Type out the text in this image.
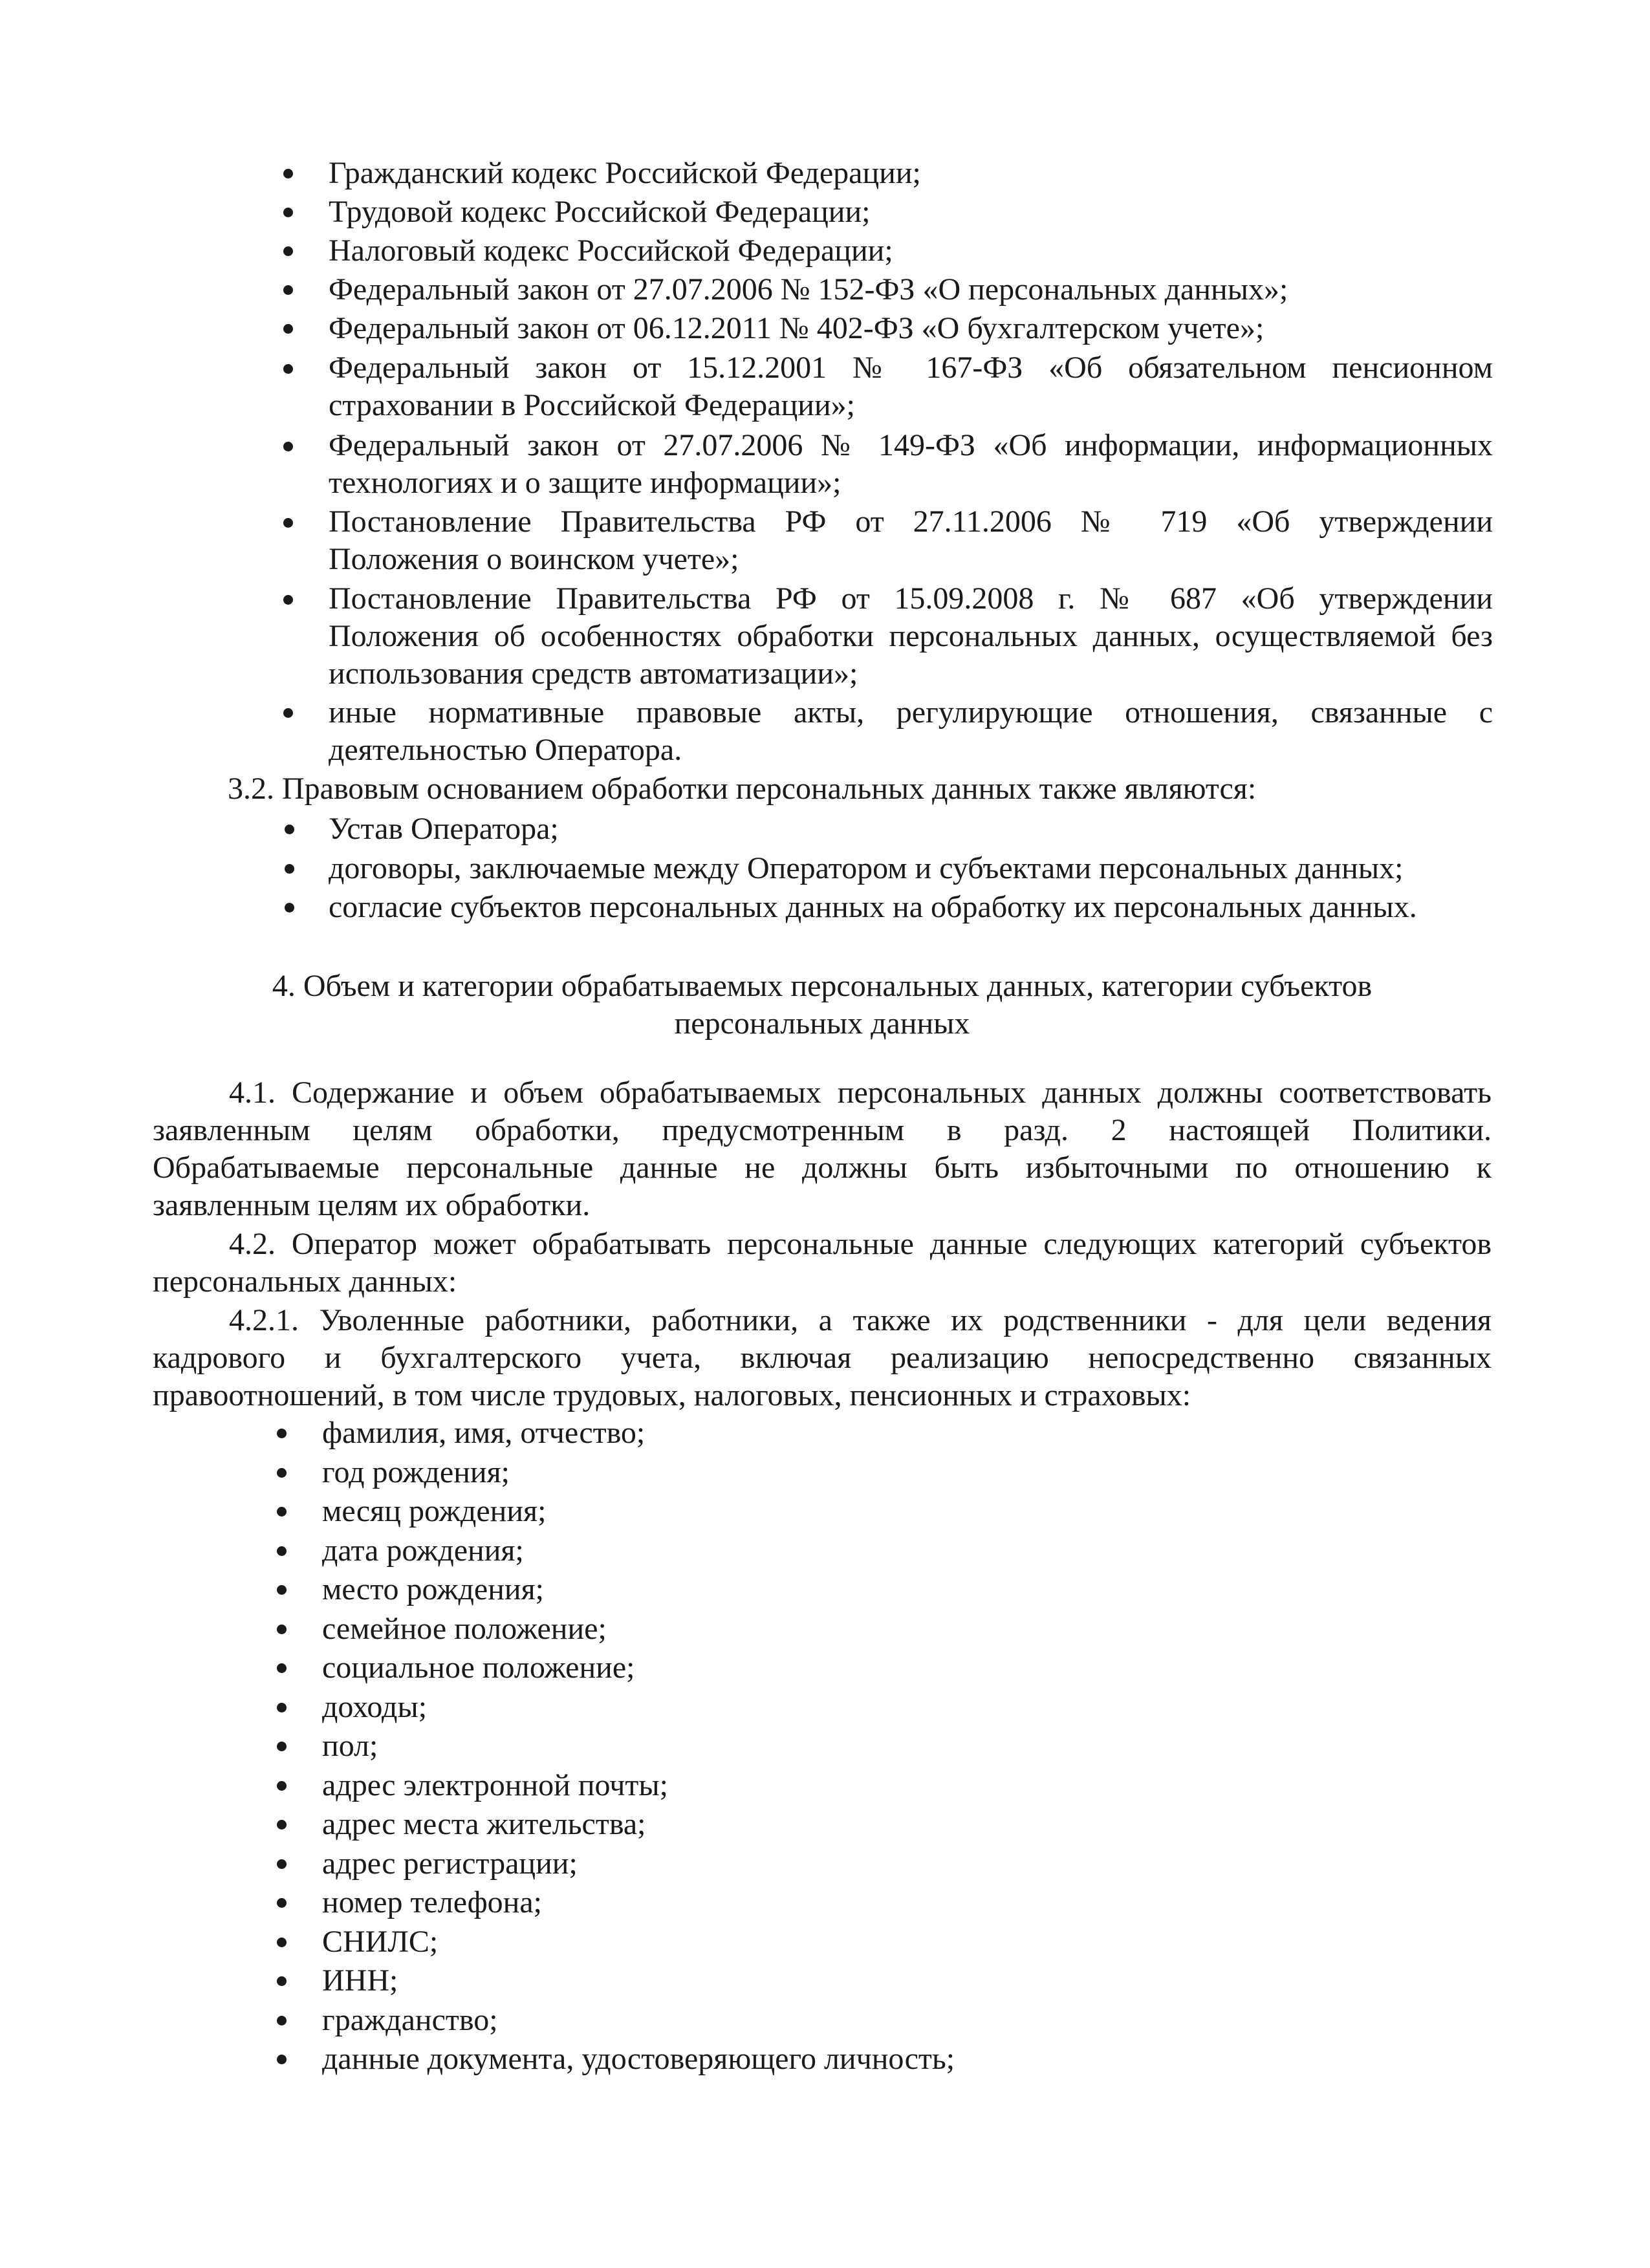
Гражданский кодекс Российской Федерации;
Трудовой кодекс Российской Федерации;
Налоговый кодекс Российской Федерации;
Федеральный закон от 27.07.2006 № 152-ФЗ «О персональных данных»;
Федеральный закон от 06.12.2011 № 402-ФЗ «О бухгалтерском учете»;
Федеральный закон от 15.12.2001 № 167-ФЗ «Об обязательном пенсионном
страховании в Российской Федерации»;
Федеральный закон от 27.07.2006 № 149-ФЗ «Об информации, информационных
технологиях и о защите информации»;
Постановление Правительства РФ от 27.11.2006 № 719 «Об утверждении
Положения о воинском учете»;
Постановление Правительства РФ от 15.09.2008 г. № 687 «Об утверждении
Положения об особенностях обработки персональных данных, осуществляемой без
использования средств автоматизации»;
иные нормативные правовые акты, регулирующие отношения, связанные с
деятельностью Оператора.
3.2. Правовым основанием обработки персональных данных также являются:
Устав Оператора;
договоры, заключаемые между Оператором и субъектами персональных данных;
согласие субъектов персональных данных на обработку их персональных данных.
4. Объем и категории обрабатываемых персональных данных, категории субъектов
персональных данных
4.1. Содержание и объем обрабатываемых персональных данных должны соответствовать
заявленным целям обработки, предусмотренным в разд. 2 настоящей Политики.
Обрабатываемые персональные данные не должны быть избыточными по отношению к
заявленным целям их обработки.
4.2. Оператор может обрабатывать персональные данные следующих категорий субъектов
персональных данных:
4.2.1. Уволенные работники, работники, а также их родственники - для цели ведения
кадрового и бухгалтерского учета, включая реализацию непосредственно связанных
правоотношений, в том числе трудовых, налоговых, пенсионных и страховых:
фамилия, имя, отчество;
год рождения;
месяц рождения;
дата рождения;
место рождения;
семейное положение;
социальное положение;
доходы;
пол;
адрес электронной почты;
адрес места жительства;
адрес регистрации;
номер телефона;
СНИЛС;
ИНН;
гражданство;
данные документа, удостоверяющего личность;
